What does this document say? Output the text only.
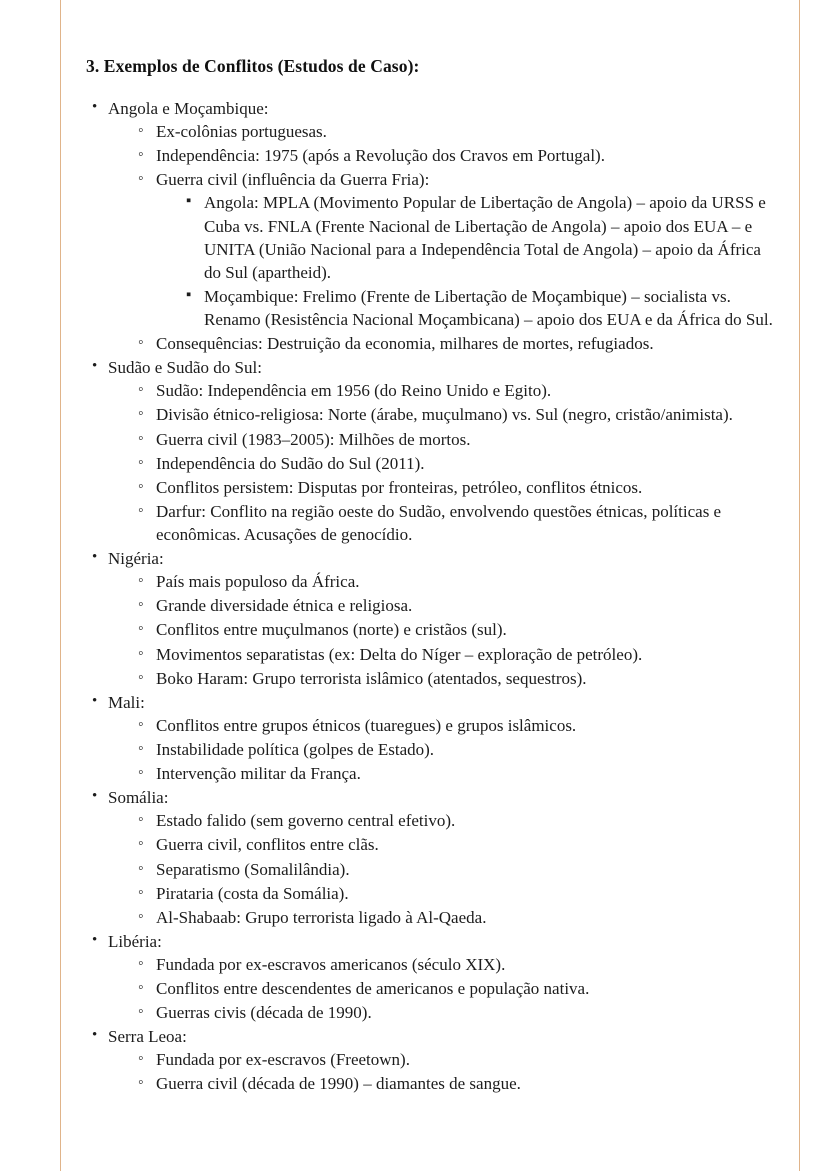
3. Exemplos de Conflitos (Estudos de Caso):
• Angola e Moçambique:
◦ Ex-colônias portuguesas.
◦ Independência: 1975 (após a Revolução dos Cravos em Portugal).
◦ Guerra civil (influência da Guerra Fria):
▪ Angola: MPLA (Movimento Popular de Libertação de Angola) – apoio da URSS e Cuba vs. FNLA (Frente Nacional de Libertação de Angola) – apoio dos EUA – e UNITA (União Nacional para a Independência Total de Angola) – apoio da África do Sul (apartheid).
▪ Moçambique: Frelimo (Frente de Libertação de Moçambique) – socialista vs. Renamo (Resistência Nacional Moçambicana) – apoio dos EUA e da África do Sul.
◦ Consequências: Destruição da economia, milhares de mortes, refugiados.
• Sudão e Sudão do Sul:
◦ Sudão: Independência em 1956 (do Reino Unido e Egito).
◦ Divisão étnico-religiosa: Norte (árabe, muçulmano) vs. Sul (negro, cristão/animista).
◦ Guerra civil (1983–2005): Milhões de mortos.
◦ Independência do Sudão do Sul (2011).
◦ Conflitos persistem: Disputas por fronteiras, petróleo, conflitos étnicos.
◦ Darfur: Conflito na região oeste do Sudão, envolvendo questões étnicas, políticas e econômicas. Acusações de genocídio.
• Nigéria:
◦ País mais populoso da África.
◦ Grande diversidade étnica e religiosa.
◦ Conflitos entre muçulmanos (norte) e cristãos (sul).
◦ Movimentos separatistas (ex: Delta do Níger – exploração de petróleo).
◦ Boko Haram: Grupo terrorista islâmico (atentados, sequestros).
• Mali:
◦ Conflitos entre grupos étnicos (tuaregues) e grupos islâmicos.
◦ Instabilidade política (golpes de Estado).
◦ Intervenção militar da França.
• Somália:
◦ Estado falido (sem governo central efetivo).
◦ Guerra civil, conflitos entre clãs.
◦ Separatismo (Somalilândia).
◦ Pirataria (costa da Somália).
◦ Al-Shabaab: Grupo terrorista ligado à Al-Qaeda.
• Libéria:
◦ Fundada por ex-escravos americanos (século XIX).
◦ Conflitos entre descendentes de americanos e população nativa.
◦ Guerras civis (década de 1990).
• Serra Leoa:
◦ Fundada por ex-escravos (Freetown).
◦ Guerra civil (década de 1990) – diamantes de sangue.
